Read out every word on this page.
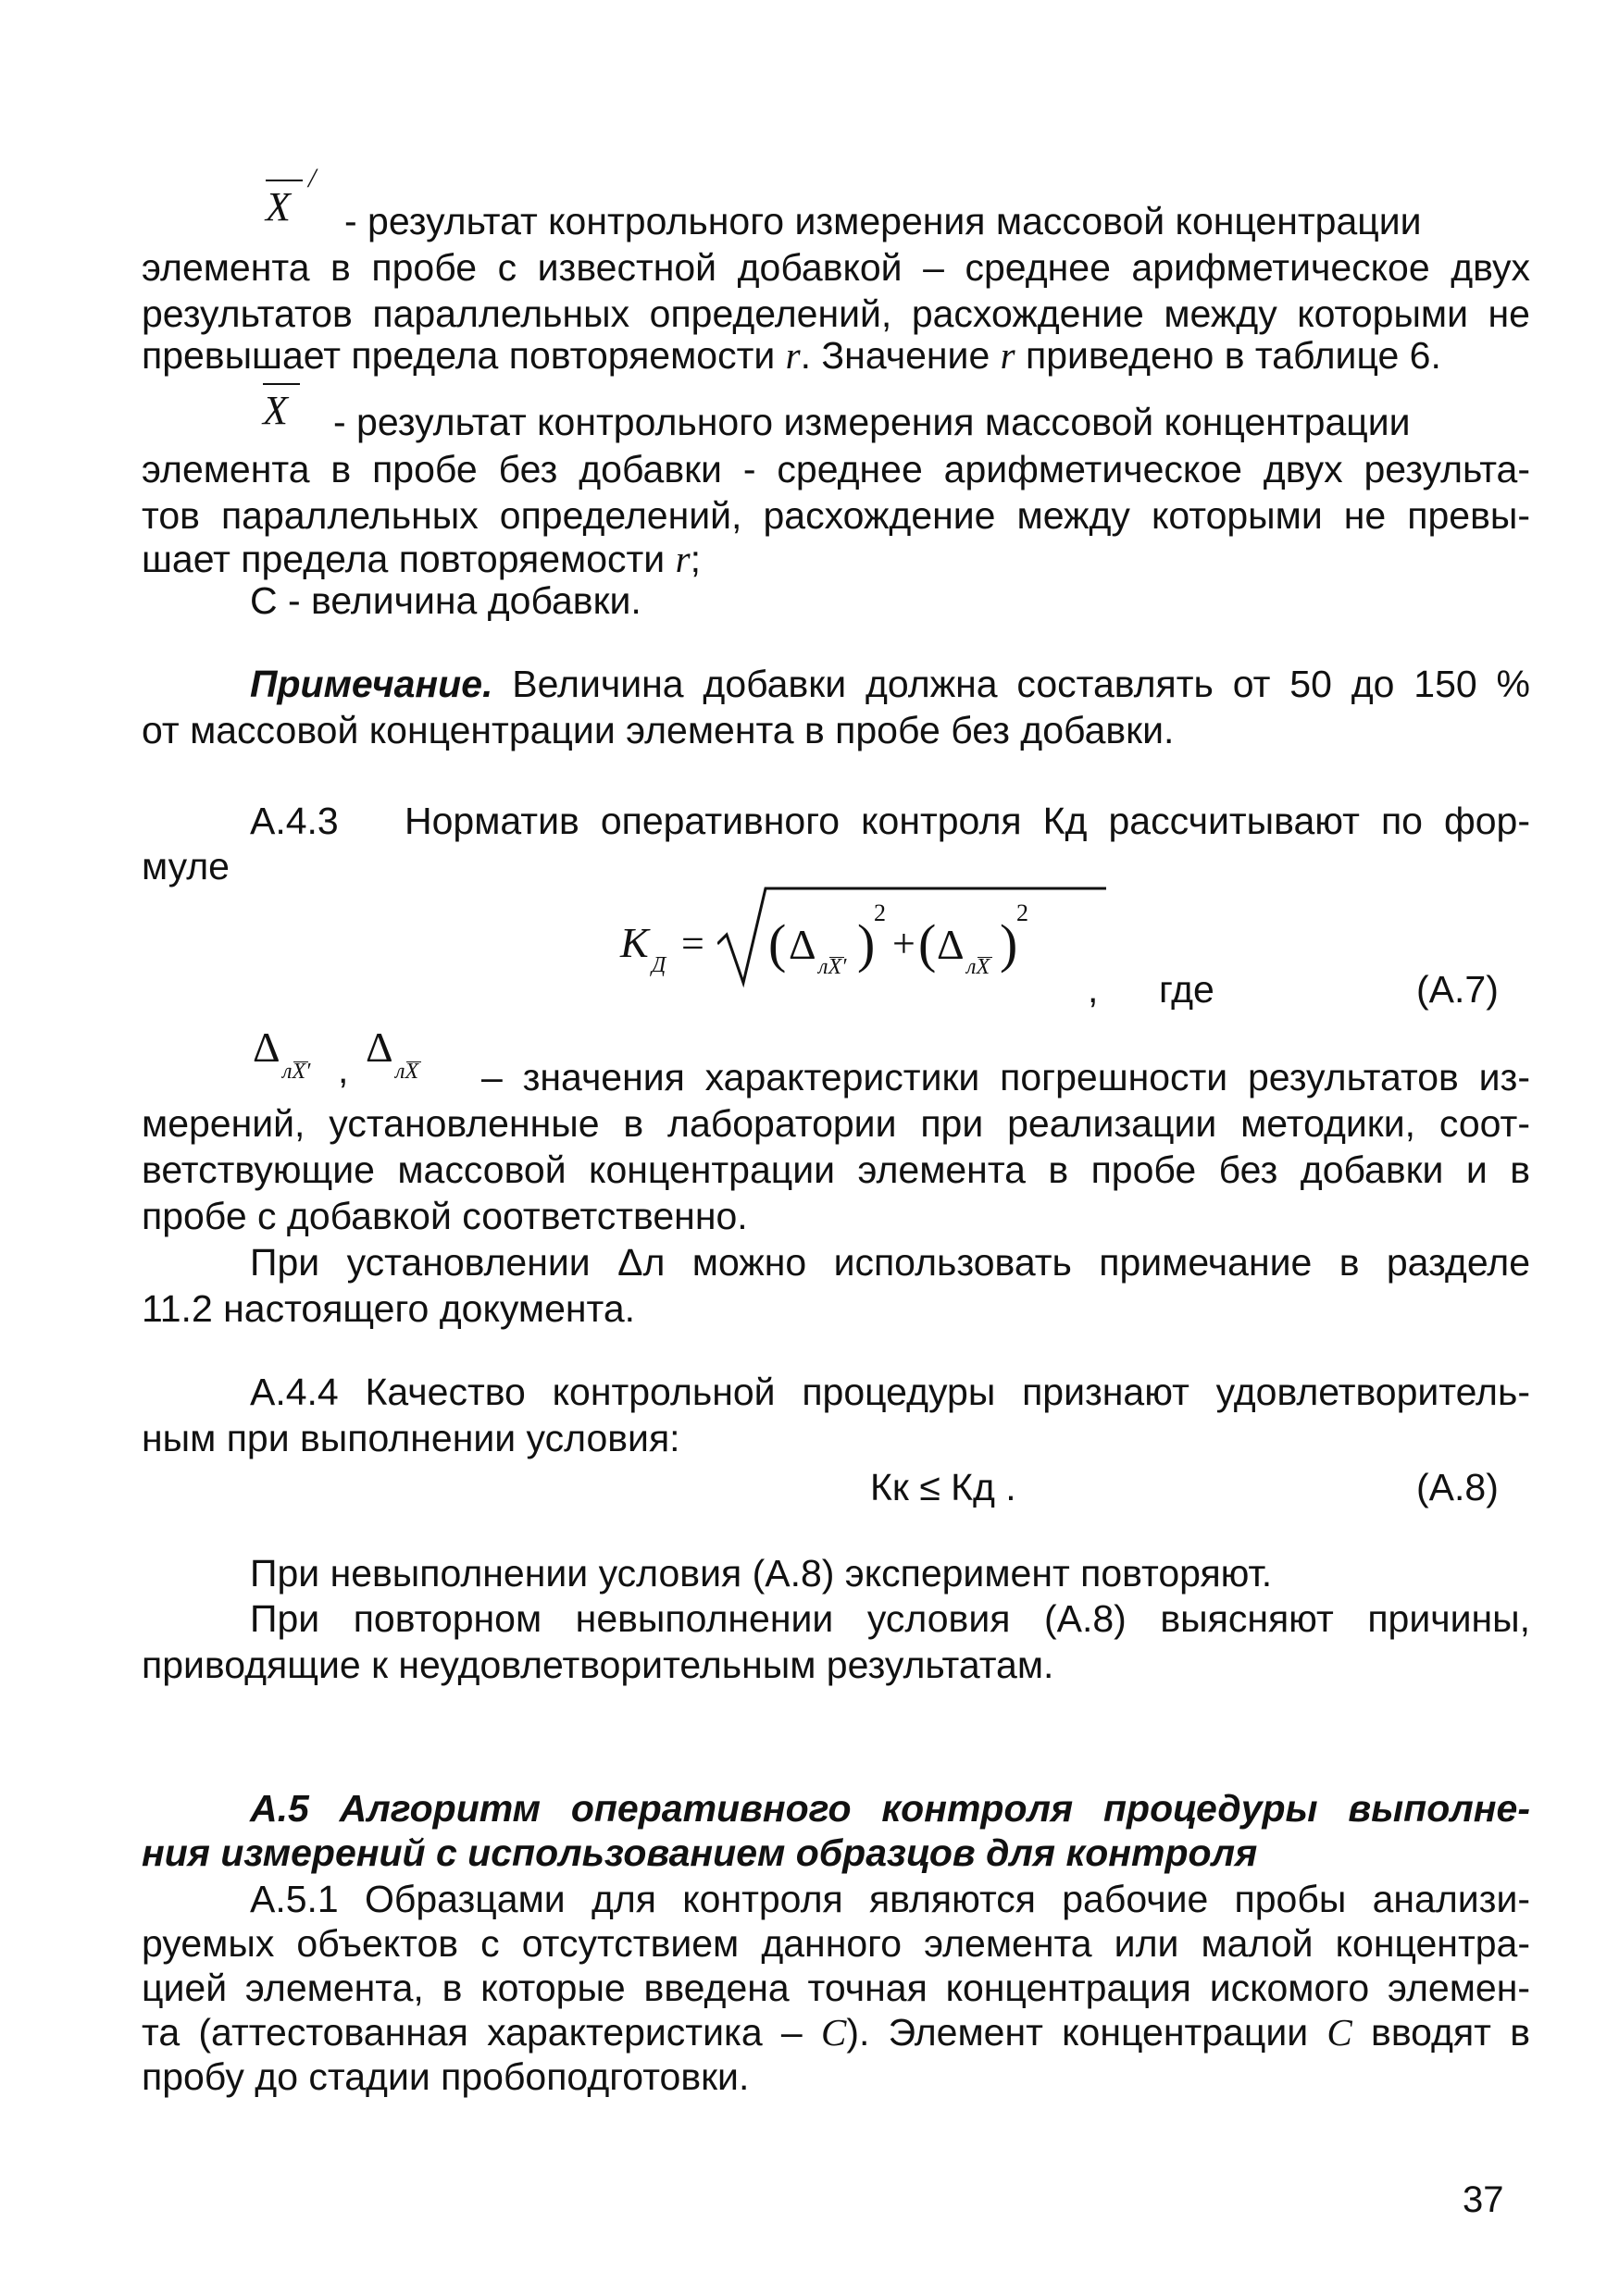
X
/
- результат контрольного измерения массовой концентрации
элемента в пробе с известной добавкой – среднее арифметическое двух
результатов параллельных определений, расхождение между которыми не
превышает предела повторяемости r. Значение r приведено в таблице 6.
X - результат контрольного измерения массовой концентрации
элемента в пробе без добавки - среднее арифметическое двух результа-
тов параллельных определений, расхождение между которыми не превы-
шает предела повторяемости r;
С - величина добавки.
Примечание. Величина добавки должна составлять от 50 до 150 %
от массовой концентрации элемента в пробе без добавки.
А.4.3 Норматив оперативного контроля Кд рассчитывают по фор-
муле
K Д = ( Δ лX′ )
2
+ ( Δ лX )
2
, где	(А.7)
Δ
лX′ , Δ
лX – значения характеристики погрешности результатов из-
мерений, установленные в лаборатории при реализации методики, соот-
ветствующие массовой концентрации элемента в пробе без добавки и в
пробе с добавкой соответственно.
При установлении Δл можно использовать примечание в разделе
11.2 настоящего документа.
А.4.4 Качество контрольной процедуры признают удовлетворитель-
ным при выполнении условия:
Кк ≤ Кд .	(А.8)
При невыполнении условия (А.8) эксперимент повторяют.
При повторном невыполнении условия (А.8) выясняют причины,
приводящие к неудовлетворительным результатам.
А.5 Алгоритм оперативного контроля процедуры выполне-
ния измерений с использованием образцов для контроля
А.5.1 Образцами для контроля являются рабочие пробы анализи-
руемых объектов с отсутствием данного элемента или малой концентра-
цией элемента, в которые введена точная концентрация искомого элемен-
та (аттестованная характеристика – С). Элемент концентрации С вводят в
пробу до стадии пробоподготовки.
37
